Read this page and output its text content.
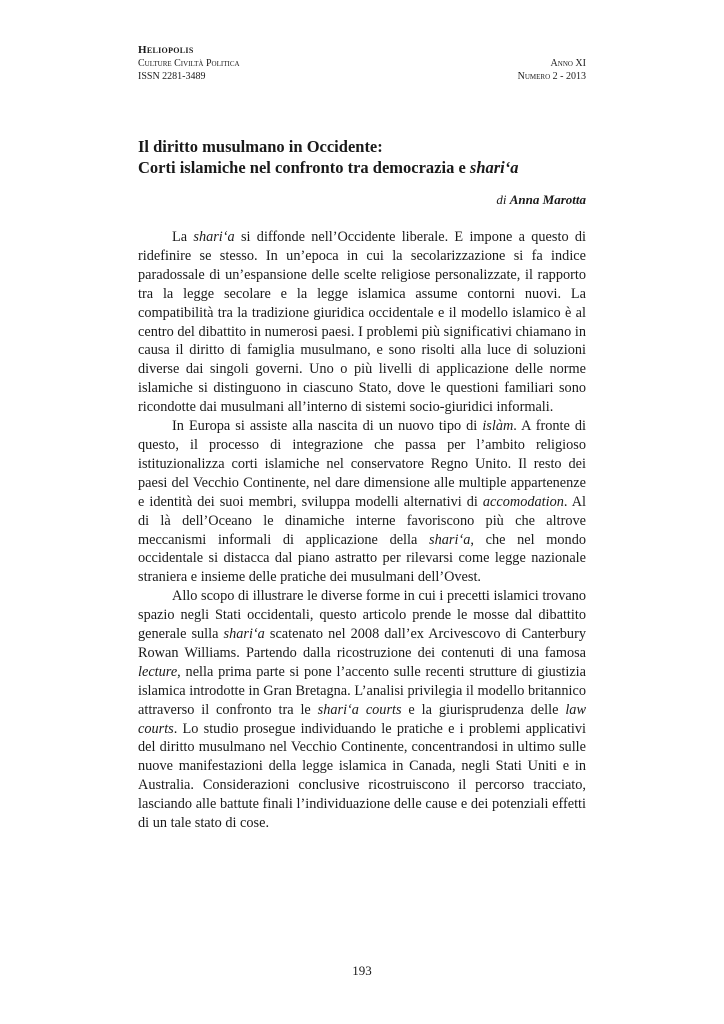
Heliopolis
Culture Civiltà Politica	Anno XI
ISSN 2281-3489	Numero 2 - 2013
Il diritto musulmano in Occidente:
Corti islamiche nel confronto tra democrazia e shariʻa
di Anna Marotta

La shariʻa si diffonde nell’Occidente liberale. E impone a questo di ridefinire se stesso. In un’epoca in cui la secolarizzazione si fa indice paradossale di un’espansione delle scelte religiose personalizzate, il rapporto tra la legge secolare e la legge islamica assume contorni nuovi. La compatibilità tra la tradizione giuridica occidentale e il modello islamico è al centro del dibattito in numerosi paesi. I problemi più significativi chiamano in causa il diritto di famiglia musulmano, e sono risolti alla luce di soluzioni diverse dai singoli governi. Uno o più livelli di applicazione delle norme islamiche si distinguono in ciascuno Stato, dove le questioni familiari sono ricondotte dai musulmani all’interno di sistemi socio-giuridici informali.

In Europa si assiste alla nascita di un nuovo tipo di islàm. A fronte di questo, il processo di integrazione che passa per l’ambito religioso istituzionalizza corti islamiche nel conservatore Regno Unito. Il resto dei paesi del Vecchio Continente, nel dare dimensione alle multiple appartenenze e identità dei suoi membri, sviluppa modelli alternativi di accomodation. Al di là dell’Oceano le dinamiche interne favoriscono più che altrove meccanismi informali di applicazione della shariʻa, che nel mondo occidentale si distacca dal piano astratto per rilevarsi come legge nazionale straniera e insieme delle pratiche dei musulmani dell’Ovest.

Allo scopo di illustrare le diverse forme in cui i precetti islamici trovano spazio negli Stati occidentali, questo articolo prende le mosse dal dibattito generale sulla shariʻa scatenato nel 2008 dall’ex Arcivescovo di Canterbury Rowan Williams. Partendo dalla ricostruzione dei contenuti di una famosa lecture, nella prima parte si pone l’accento sulle recenti strutture di giustizia islamica introdotte in Gran Bretagna. L’analisi privilegia il modello britannico attraverso il confronto tra le shariʻa courts e la giurisprudenza delle law courts. Lo studio prosegue individuando le pratiche e i problemi applicativi del diritto musulmano nel Vecchio Continente, concentrandosi in ultimo sulle nuove manifestazioni della legge islamica in Canada, negli Stati Uniti e in Australia. Considerazioni conclusive ricostruiscono il percorso tracciato, lasciando alle battute finali l’individuazione delle cause e dei potenziali effetti di un tale stato di cose.

193
